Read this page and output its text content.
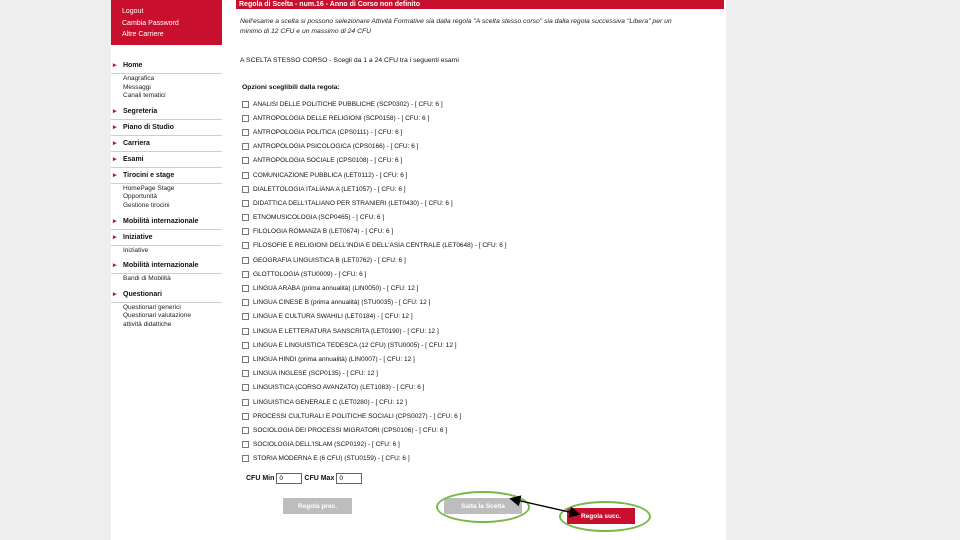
Logout
Cambia Password
Altre Carriere
▸ Home
Anagrafica
Messaggi
Canali tematici
▸ Segreteria
▸ Piano di Studio
▸ Carriera
▸ Esami
▸ Tirocini e stage
HomePage Stage
Opportunità
Gestione tirocini
▸ Mobilità internazionale
▸ Iniziative
Iniziative
▸ Mobilità internazionale
Bandi di Mobilità
▸ Questionari
Questionari generici
Questionari valutazione
attività didattiche
Regola di Scelta - num.16 - Anno di Corso non definito
Nell'esame a scelta si possono selezionare Attività Formative sia dalla regola "A scelta stesso corso" sia dalla regola successiva "Libera" per un
minimo di 12 CFU e un massimo di 24 CFU
A SCELTA STESSO CORSO - Scegli da 1 a 24 CFU tra i seguenti esami
Opzioni sceglibili dalla regola:
ANALISI DELLE POLITICHE PUBBLICHE (SCP0302) - [ CFU: 6 ]
ANTROPOLOGIA DELLE RELIGIONI (SCP0158) - [ CFU: 6 ]
ANTROPOLOGIA POLITICA (CPS0111) - [ CFU: 6 ]
ANTROPOLOGIA PSICOLOGICA (CPS0166) - [ CFU: 6 ]
ANTROPOLOGIA SOCIALE (CPS0108) - [ CFU: 6 ]
COMUNICAZIONE PUBBLICA (LET0112) - [ CFU: 6 ]
DIALETTOLOGIA ITALIANA A (LET1057) - [ CFU: 6 ]
DIDATTICA DELL'ITALIANO PER STRANIERI (LET0430) - [ CFU: 6 ]
ETNOMUSICOLOGIA (SCP0465) - [ CFU: 6 ]
FILOLOGIA ROMANZA B (LET0674) - [ CFU: 6 ]
FILOSOFIE E RELIGIONI DELL'INDIA E DELL'ASIA CENTRALE (LET0648) - [ CFU: 6 ]
GEOGRAFIA LINGUISTICA B (LET0762) - [ CFU: 6 ]
GLOTTOLOGIA (STU0009) - [ CFU: 6 ]
LINGUA ARABA (prima annualità) (LIN0050) - [ CFU: 12 ]
LINGUA CINESE B (prima annualità) (STU0035) - [ CFU: 12 ]
LINGUA E CULTURA SWAHILI (LET0184) - [ CFU: 12 ]
LINGUA E LETTERATURA SANSCRITA (LET0190) - [ CFU: 12 ]
LINGUA E LINGUISTICA TEDESCA (12 CFU) (STU0005) - [ CFU: 12 ]
LINGUA HINDI (prima annualità) (LIN0007) - [ CFU: 12 ]
LINGUA INGLESE (SCP0135) - [ CFU: 12 ]
LINGUISTICA (CORSO AVANZATO) (LET1083) - [ CFU: 6 ]
LINGUISTICA GENERALE C (LET0280) - [ CFU: 12 ]
PROCESSI CULTURALI E POLITICHE SOCIALI (CPS0027) - [ CFU: 6 ]
SOCIOLOGIA DEI PROCESSI MIGRATORI (CPS0106) - [ CFU: 6 ]
SOCIOLOGIA DELL'ISLAM (SCP0192) - [ CFU: 6 ]
STORIA MODERNA E (6 CFU) (STU0159) - [ CFU: 6 ]
CFU Min
0	CFU Max
0
Regola prec.	Salta la Scelta
Regola succ.
